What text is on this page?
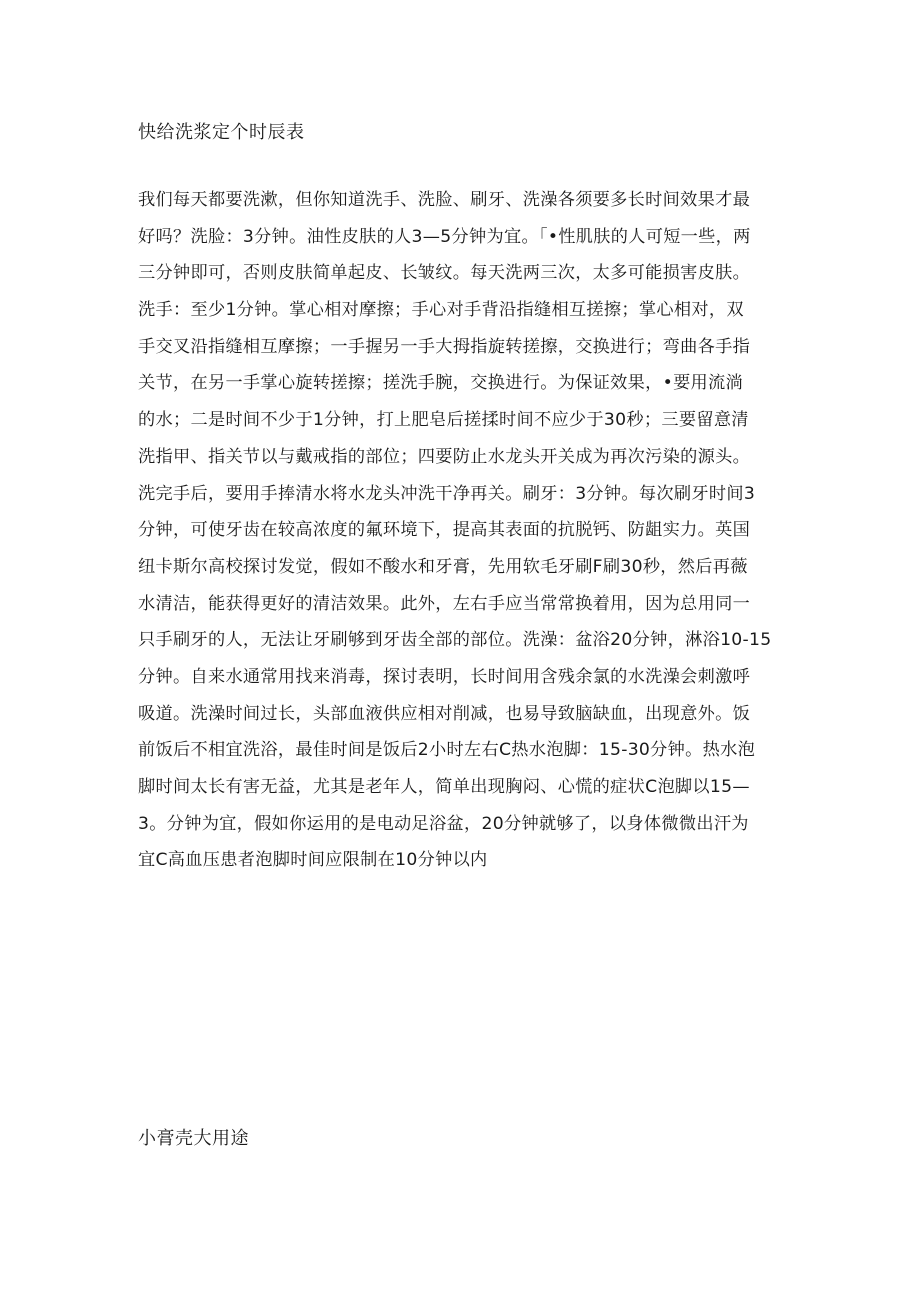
快给洗浆定个时辰表
我们每天都要洗漱，但你知道洗手、洗脸、刷牙、洗澡各须要多长时间效果才最
好吗？洗脸：3分钟。油性皮肤的人3—5分钟为宜。「•性肌肤的人可短一些，两
三分钟即可，否则皮肤简单起皮、长皱纹。每天洗两三次，太多可能损害皮肤。
洗手：至少1分钟。掌心相对摩擦；手心对手背沿指缝相互搓擦；掌心相对，双
手交叉沿指缝相互摩擦；一手握另一手大拇指旋转搓擦，交换进行；弯曲各手指
关节，在另一手掌心旋转搓擦；搓洗手腕，交换进行。为保证效果，•要用流淌
的水；二是时间不少于1分钟，打上肥皂后搓揉时间不应少于30秒；三要留意清
洗指甲、指关节以与戴戒指的部位；四要防止水龙头开关成为再次污染的源头。
洗完手后，要用手捧清水将水龙头冲洗干净再关。刷牙：3分钟。每次刷牙时间3
分钟，可使牙齿在较高浓度的氟环境下，提高其表面的抗脱钙、防龃实力。英国
纽卡斯尔高校探讨发觉，假如不酸水和牙膏，先用软毛牙刷F刷30秒，然后再薇
水清洁，能获得更好的清洁效果。此外，左右手应当常常换着用，因为总用同一
只手刷牙的人，无法让牙刷够到牙齿全部的部位。洗澡：盆浴20分钟，淋浴10-15
分钟。自来水通常用找来消毒，探讨表明，长时间用含残余氯的水洗澡会刺激呼
吸道。洗澡时间过长，头部血液供应相对削减，也易导致脑缺血，出现意外。饭
前饭后不相宜洗浴，最佳时间是饭后2小时左右C热水泡脚：15-30分钟。热水泡
脚时间太长有害无益，尤其是老年人，简单出现胸闷、心慌的症状C泡脚以15—
3。分钟为宜，假如你运用的是电动足浴盆，20分钟就够了，以身体微微出汗为
宜C高血压患者泡脚时间应限制在10分钟以内
小膏壳大用途
